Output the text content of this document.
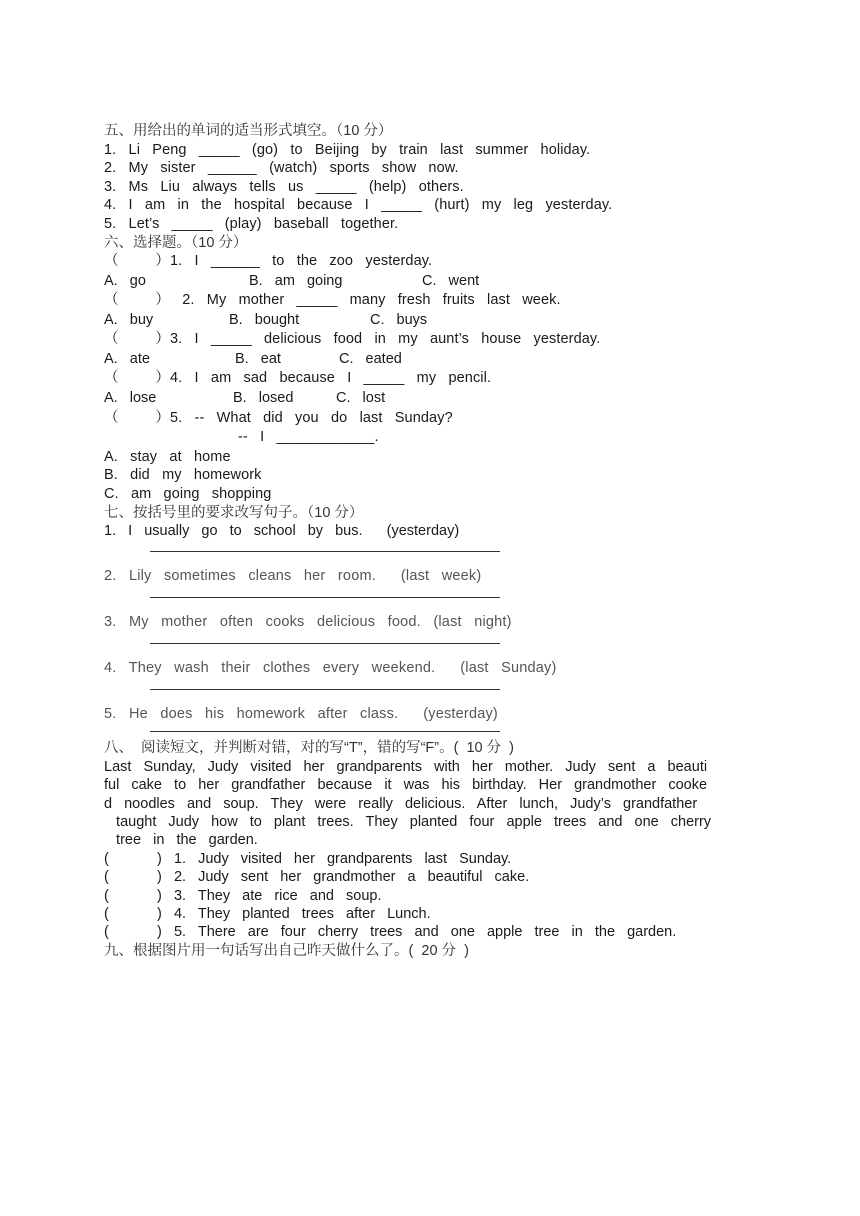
五、用给出的单词的适当形式填空。（10 分）
1.  Li  Peng  _____  (go)  to  Beijing  by  train  last  summer  holiday.
2.  My  sister  ______  (watch)  sports  show  now.
3.  Ms  Liu  always  tells  us  _____  (help)  others.
4.  I  am  in  the  hospital  because  I  _____  (hurt)  my  leg  yesterday.
5.  Let’s  _____  (play)  baseball  together.
六、选择题。（10 分）
（      ）1.  I  ______  to  the  zoo  yesterday.
A.  go	B.  am  going	C.  went
（      ）  2.  My  mother  _____  many  fresh  fruits  last  week.
A.  buy	B.  bought	C.  buys
（      ）3.  I  _____  delicious  food  in  my  aunt’s  house  yesterday.
A.  ate	B.  eat	C.  eated
（      ）4.  I  am  sad  because  I  _____  my  pencil.
A.  lose	B.  losed	C.  lost
（      ）5.  --  What  did  you  do  last  Sunday?
--  I  ____________.
A.  stay  at  home
B.  did  my  homework
C.  am  going  shopping
七、按括号里的要求改写句子。（10 分）
1.  I  usually  go  to  school  by  bus.    (yesterday)
2.  Lily  sometimes  cleans  her  room.    (last  week)
3.  My  mother  often  cooks  delicious  food.  (last  night)
4.  They  wash  their  clothes  every  weekend.    (last  Sunday)
5.  He  does  his  homework  after  class.    (yesterday)
八、  阅读短文，并判断对错，对的写“T”，错的写“F”。(  10 分  )
Last  Sunday,  Judy  visited  her  grandparents  with  her  mother.  Judy  sent  a  beauti
ful  cake  to  her  grandfather  because  it  was  his  birthday.  Her  grandmother  cooke
d  noodles  and  soup.  They  were  really  delicious.  After  lunch,  Judy’s  grandfather
taught  Judy  how  to  plant  trees.  They  planted  four  apple  trees  and  one  cherry
tree  in  the  garden.
(        )  1.  Judy  visited  her  grandparents  last  Sunday.
(        )  2.  Judy  sent  her  grandmother  a  beautiful  cake.
(        )  3.  They  ate  rice  and  soup.
(        )  4.  They  planted  trees  after  Lunch.
(        )  5.  There  are  four  cherry  trees  and  one  apple  tree  in  the  garden.
九、根据图片用一句话写出自己昨天做什么了。(  20 分  )
